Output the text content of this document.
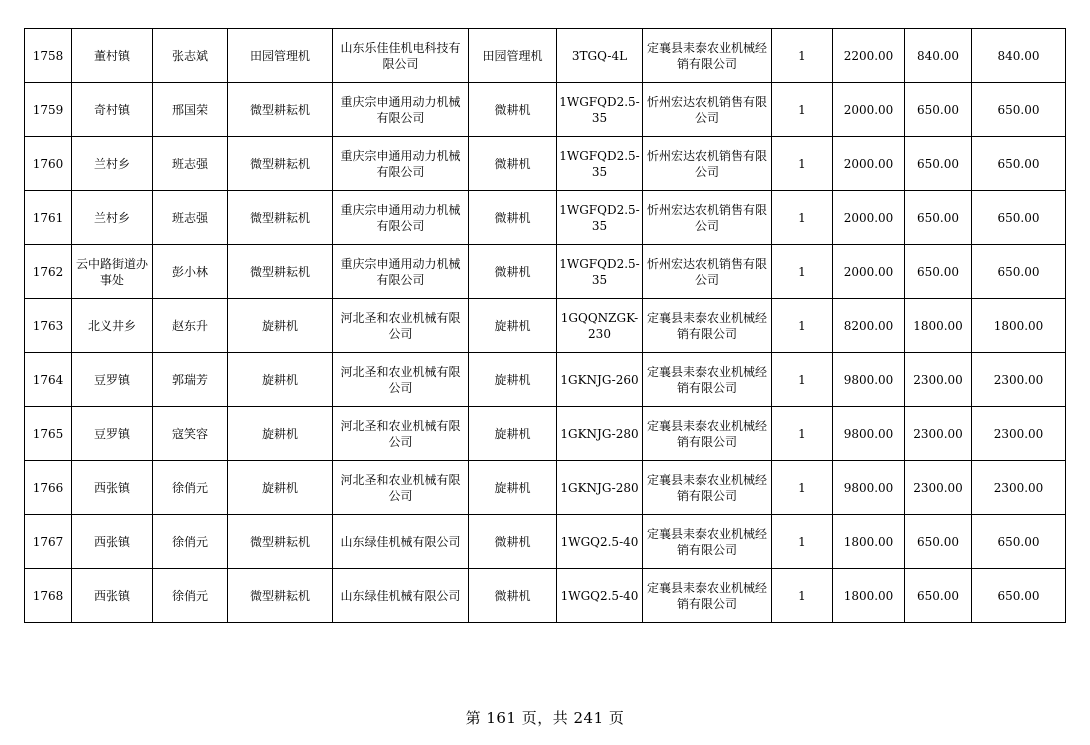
1758	董村镇	张志斌	田园管理机	山东乐佳佳机电科技有限公司	田园管理机	3TGQ-4L	定襄县耒泰农业机械经销有限公司	1	2200.00	840.00	840.00
1759	奇村镇	邢国荣	微型耕耘机	重庆宗申通用动力机械有限公司	微耕机	1WGFQD2.5-35	忻州宏达农机销售有限公司	1	2000.00	650.00	650.00
1760	兰村乡	班志强	微型耕耘机	重庆宗申通用动力机械有限公司	微耕机	1WGFQD2.5-35	忻州宏达农机销售有限公司	1	2000.00	650.00	650.00
1761	兰村乡	班志强	微型耕耘机	重庆宗申通用动力机械有限公司	微耕机	1WGFQD2.5-35	忻州宏达农机销售有限公司	1	2000.00	650.00	650.00
1762	云中路街道办事处	彭小林	微型耕耘机	重庆宗申通用动力机械有限公司	微耕机	1WGFQD2.5-35	忻州宏达农机销售有限公司	1	2000.00	650.00	650.00
1763	北义井乡	赵东升	旋耕机	河北圣和农业机械有限公司	旋耕机	1GQQNZGK-230	定襄县耒泰农业机械经销有限公司	1	8200.00	1800.00	1800.00
1764	豆罗镇	郭瑞芳	旋耕机	河北圣和农业机械有限公司	旋耕机	1GKNJG-260	定襄县耒泰农业机械经销有限公司	1	9800.00	2300.00	2300.00
1765	豆罗镇	寇笑容	旋耕机	河北圣和农业机械有限公司	旋耕机	1GKNJG-280	定襄县耒泰农业机械经销有限公司	1	9800.00	2300.00	2300.00
1766	西张镇	徐俏元	旋耕机	河北圣和农业机械有限公司	旋耕机	1GKNJG-280	定襄县耒泰农业机械经销有限公司	1	9800.00	2300.00	2300.00
1767	西张镇	徐俏元	微型耕耘机	山东绿佳机械有限公司	微耕机	1WGQ2.5-40	定襄县耒泰农业机械经销有限公司	1	1800.00	650.00	650.00
1768	西张镇	徐俏元	微型耕耘机	山东绿佳机械有限公司	微耕机	1WGQ2.5-40	定襄县耒泰农业机械经销有限公司	1	1800.00	650.00	650.00
第 161 页，共 241 页
